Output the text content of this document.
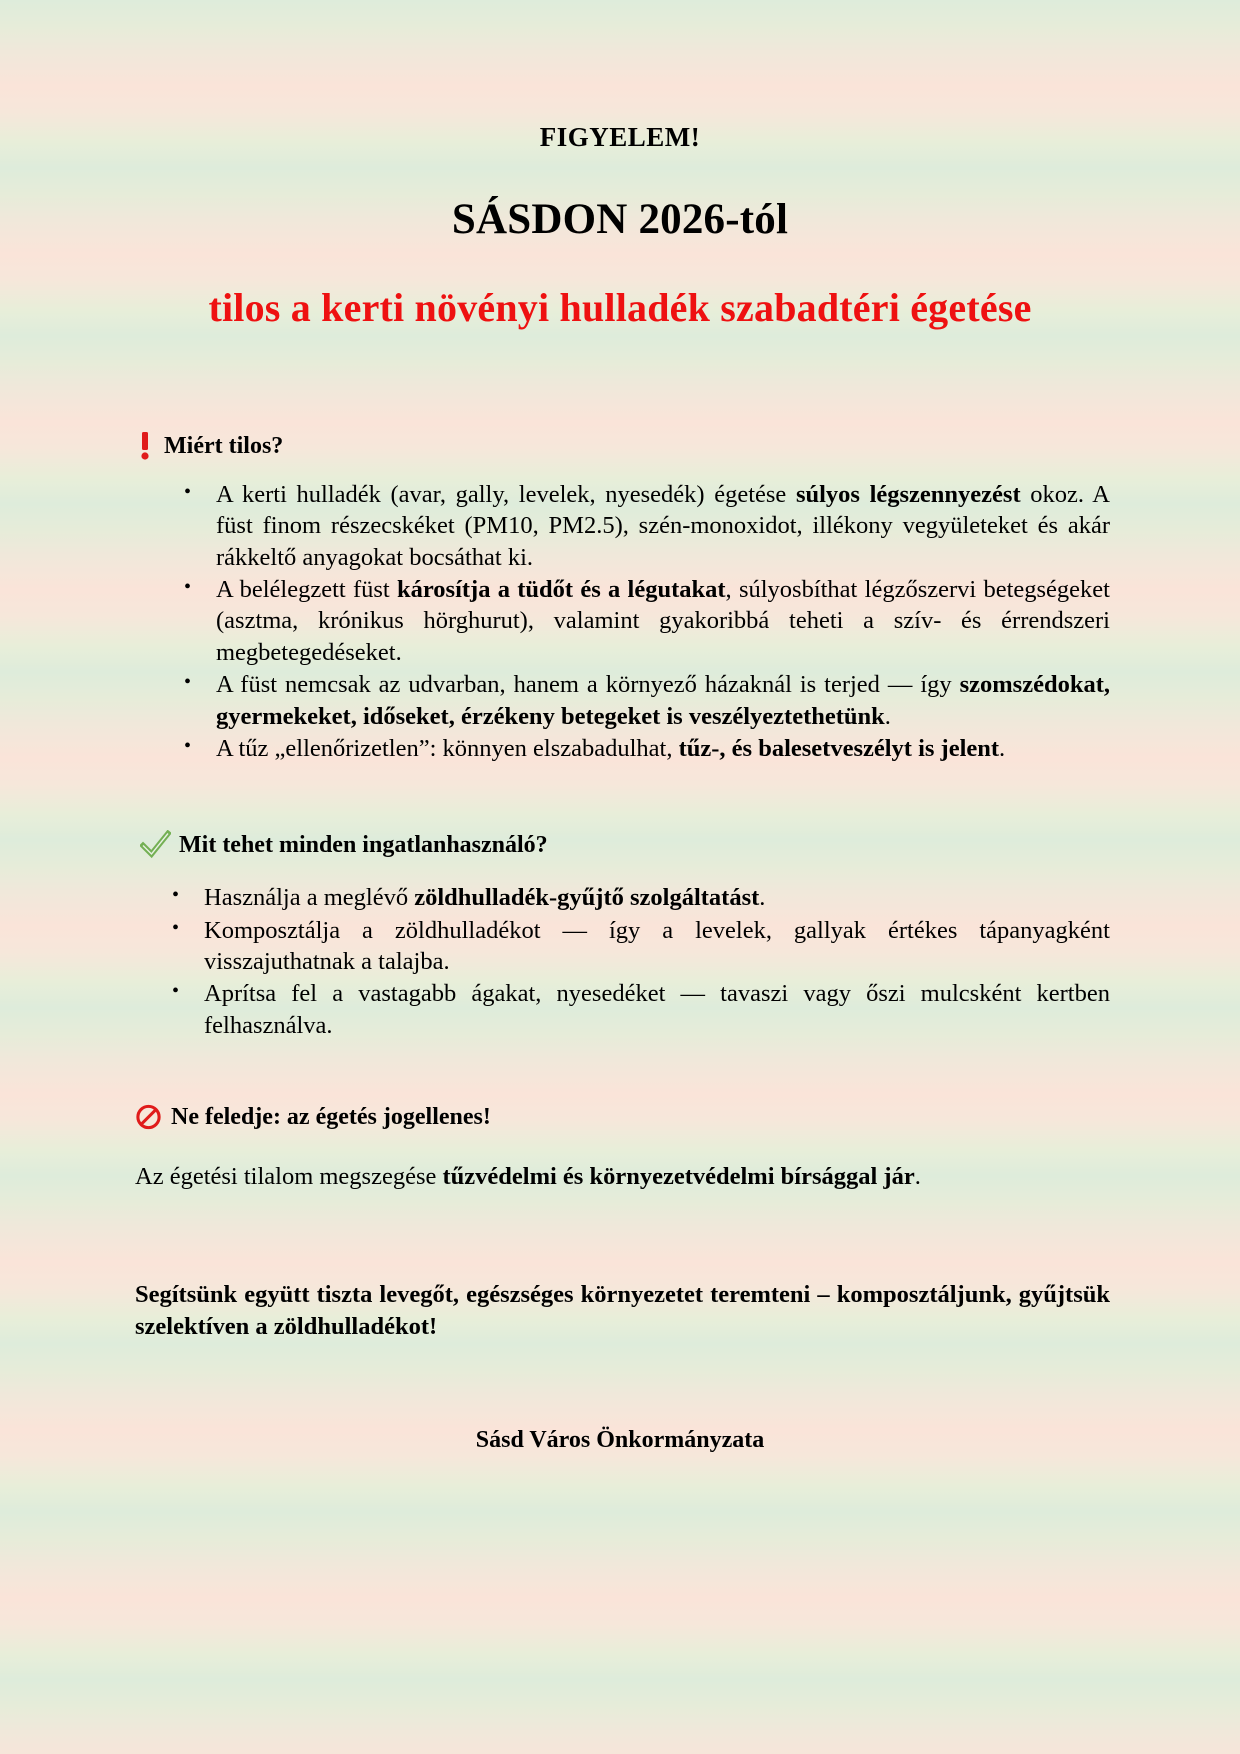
FIGYELEM!
SÁSDON 2026-tól
tilos a kerti növényi hulladék szabadtéri égetése
Miért tilos?
• A kerti hulladék (avar, gally, levelek, nyesedék) égetése súlyos légszennyezést okoz. A füst finom részecskéket (PM10, PM2.5), szén-monoxidot, illékony vegyületeket és akár rákkeltő anyagokat bocsáthat ki.
• A belélegzett füst károsítja a tüdőt és a légutakat, súlyosbíthat légzőszervi betegségeket (asztma, krónikus hörghurut), valamint gyakoribbá teheti a szív- és érrendszeri megbetegedéseket.
• A füst nemcsak az udvarban, hanem a környező házaknál is terjed — így szomszédokat, gyermekeket, időseket, érzékeny betegeket is veszélyeztethetünk.
• A tűz „ellenőrizetlen”: könnyen elszabadulhat, tűz-, és balesetveszélyt is jelent.
Mit tehet minden ingatlanhasználó?
• Használja a meglévő zöldhulladék-gyűjtő szolgáltatást.
• Komposztálja a zöldhulladékot — így a levelek, gallyak értékes tápanyagként visszajuthatnak a talajba.
• Aprítsa fel a vastagabb ágakat, nyesedéket — tavaszi vagy őszi mulcsként kertben felhasználva.
Ne feledje: az égetés jogellenes!
Az égetési tilalom megszegése tűzvédelmi és környezetvédelmi bírsággal jár.
Segítsünk együtt tiszta levegőt, egészséges környezetet teremteni – komposztáljunk, gyűjtsük szelektíven a zöldhulladékot!
Sásd Város Önkormányzata
